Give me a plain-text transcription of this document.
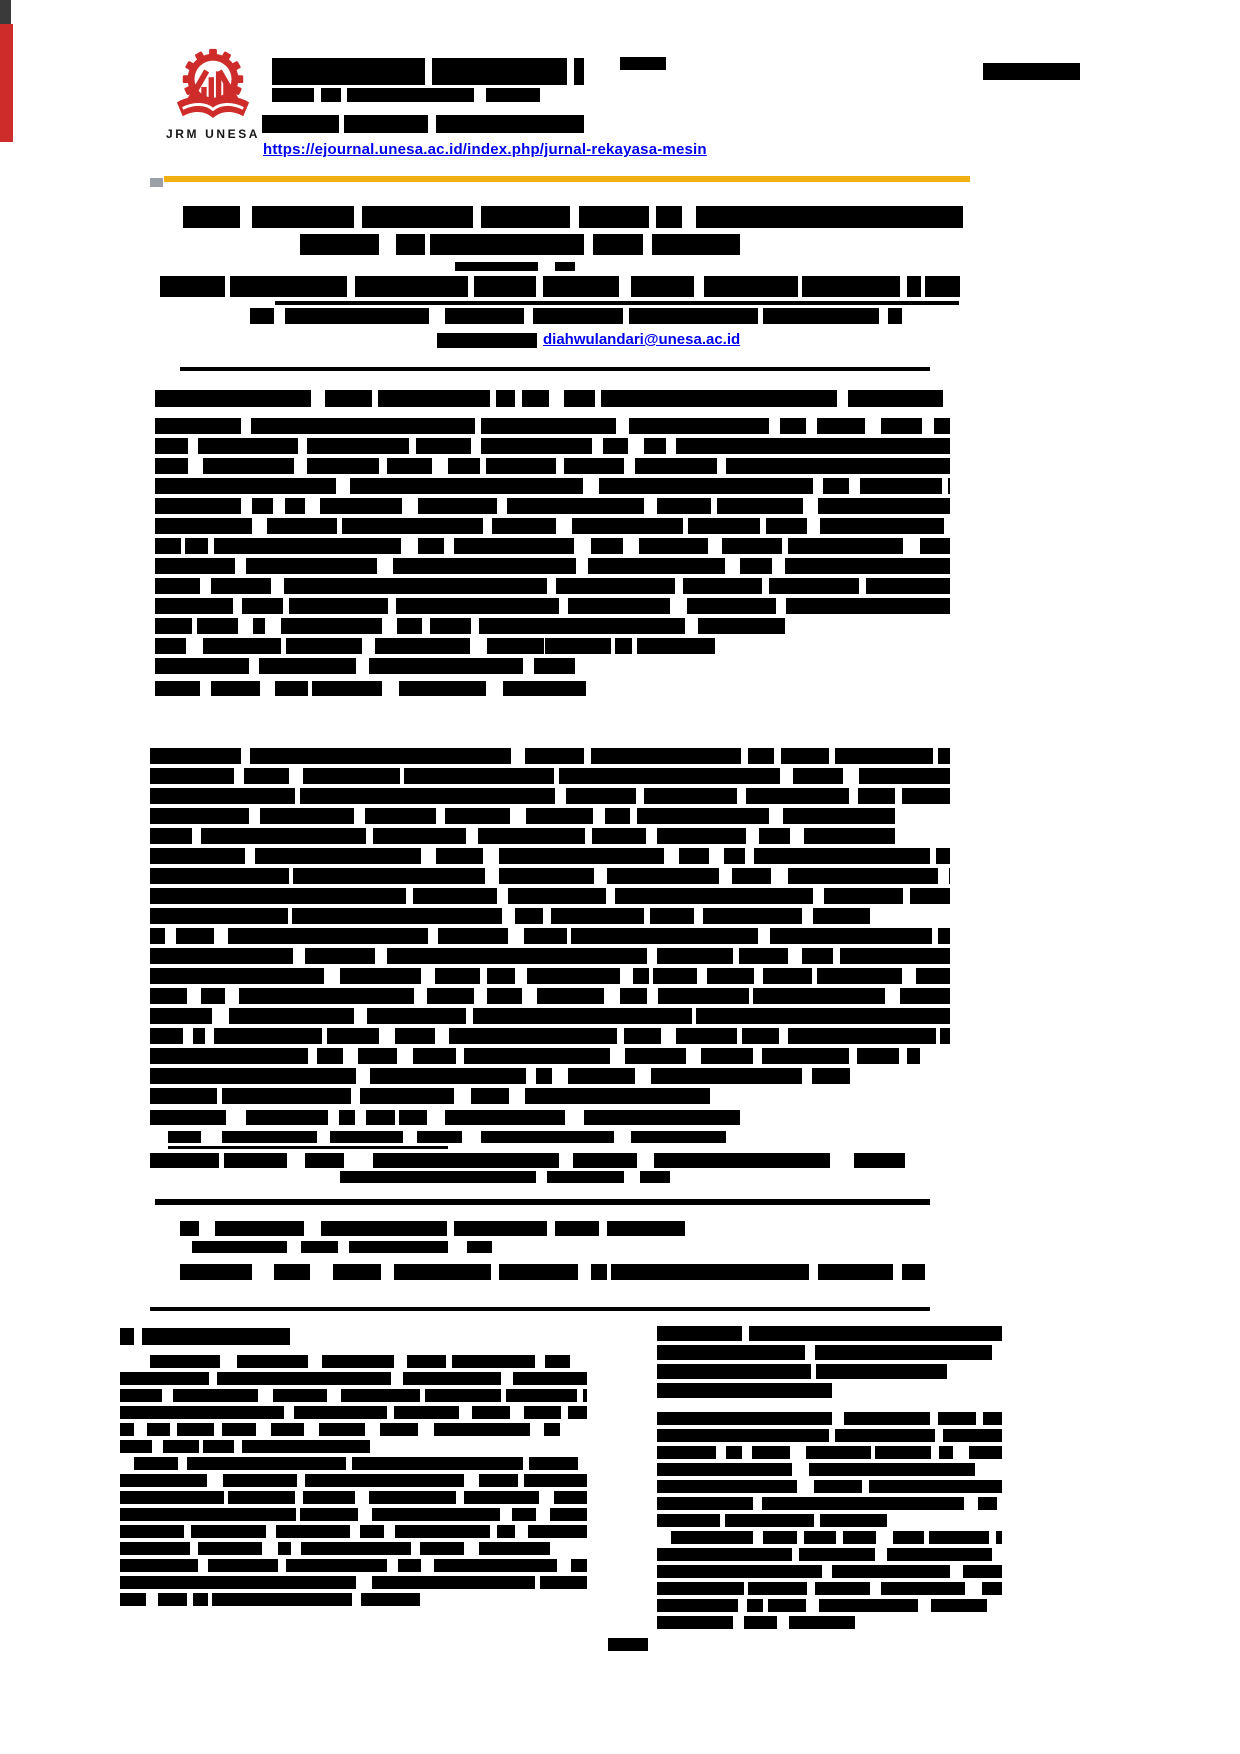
JRM UNESA
https://ejournal.unesa.ac.id/index.php/jurnal-rekayasa-mesin
diahwulandari@unesa.ac.id
